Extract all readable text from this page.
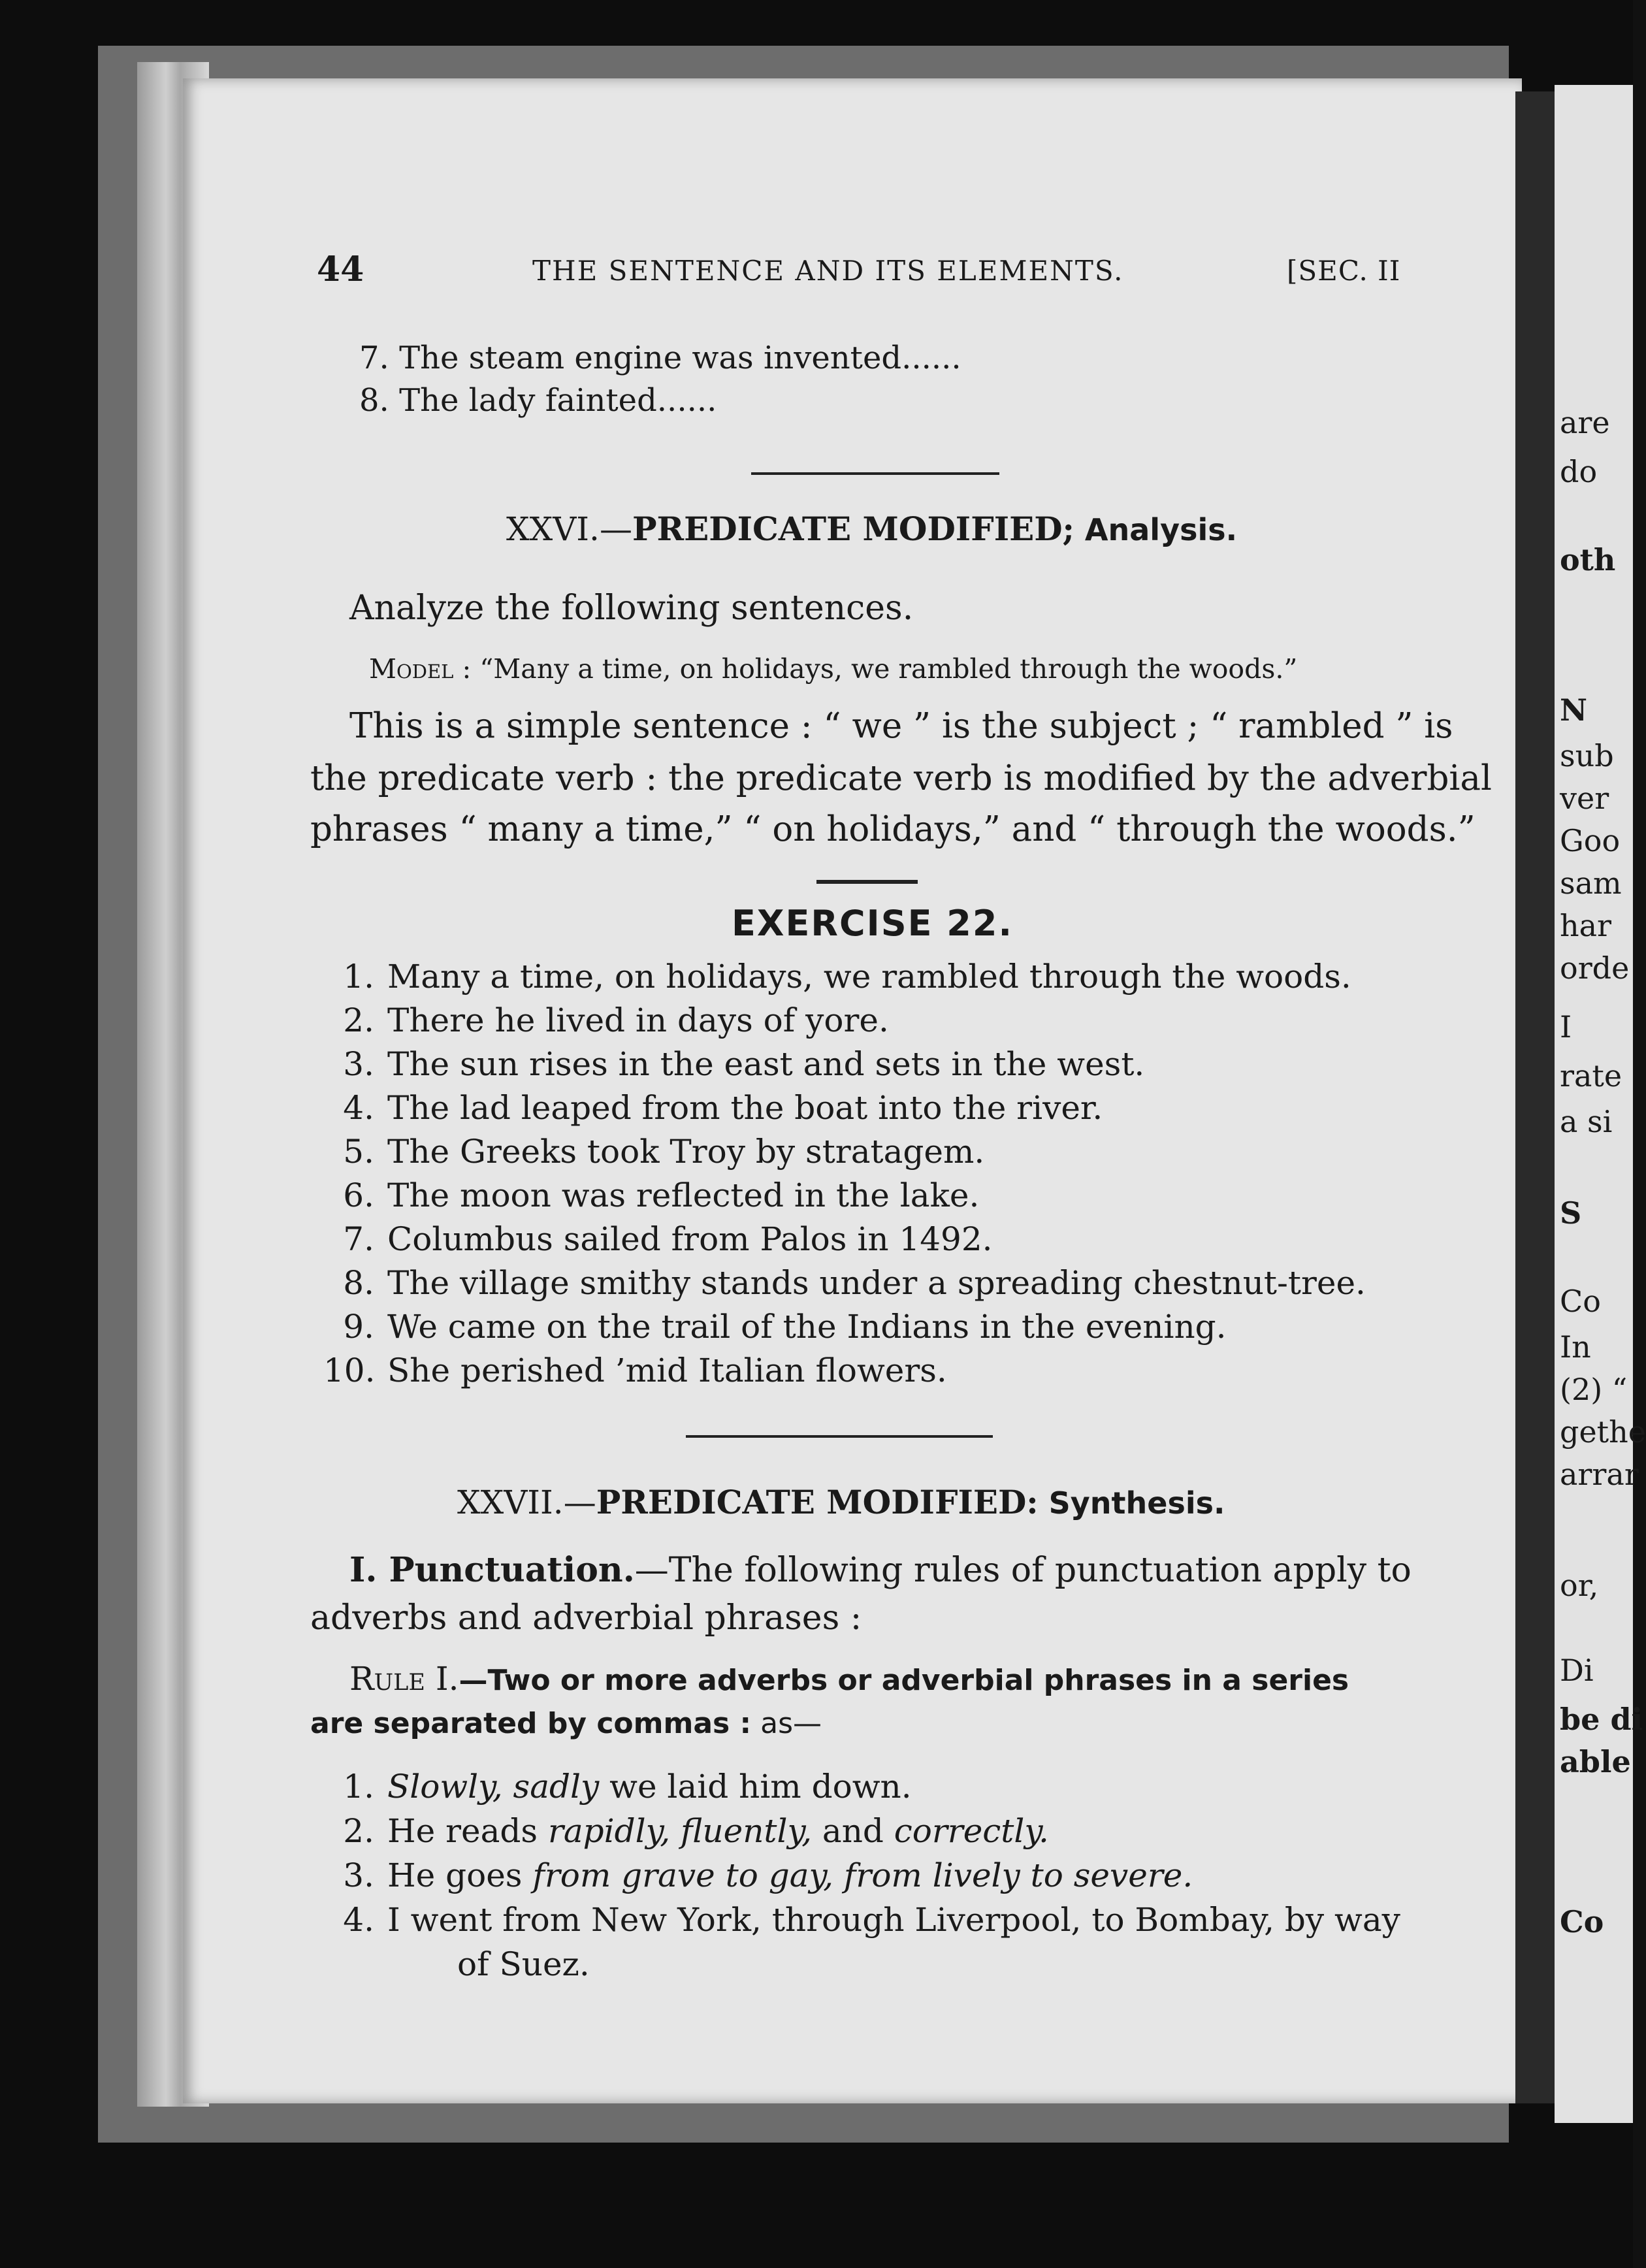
44	THE SENTENCE AND ITS ELEMENTS.	[SEC. II
7. The steam engine was invented......
8. The lady fainted......
XXVI.—PREDICATE MODIFIED; Analysis.
Analyze the following sentences.
Model : “Many a time, on holidays, we rambled through the woods.”
This is a simple sentence : “ we ” is the subject ; “ rambled ” is
the predicate verb : the predicate verb is modified by the adverbial
phrases “ many a time,” “ on holidays,” and “ through the woods.”
EXERCISE 22.
1. Many a time, on holidays, we rambled through the woods.
2. There he lived in days of yore.
3. The sun rises in the east and sets in the west.
4. The lad leaped from the boat into the river.
5. The Greeks took Troy by stratagem.
6. The moon was reflected in the lake.
7. Columbus sailed from Palos in 1492.
8. The village smithy stands under a spreading chestnut-tree.
9. We came on the trail of the Indians in the evening.
10. She perished ’mid Italian flowers.
XXVII.—PREDICATE MODIFIED: Synthesis.
I. Punctuation.—The following rules of punctuation apply to
adverbs and adverbial phrases :
Rule I.—Two or more adverbs or adverbial phrases in a series
are separated by commas : as—
1. Slowly, sadly we laid him down.
2. He reads rapidly, fluently, and correctly.
3. He goes from grave to gay, from lively to severe.
4. I went from New York, through Liverpool, to Bombay, by way
of Suez.
are
do
oth
N
sub
ver
Goo
sam
har
orde
I
rate
a si
S
Co
In
(2) “
gethe
arrar
or,
Di
be di
able
Co
